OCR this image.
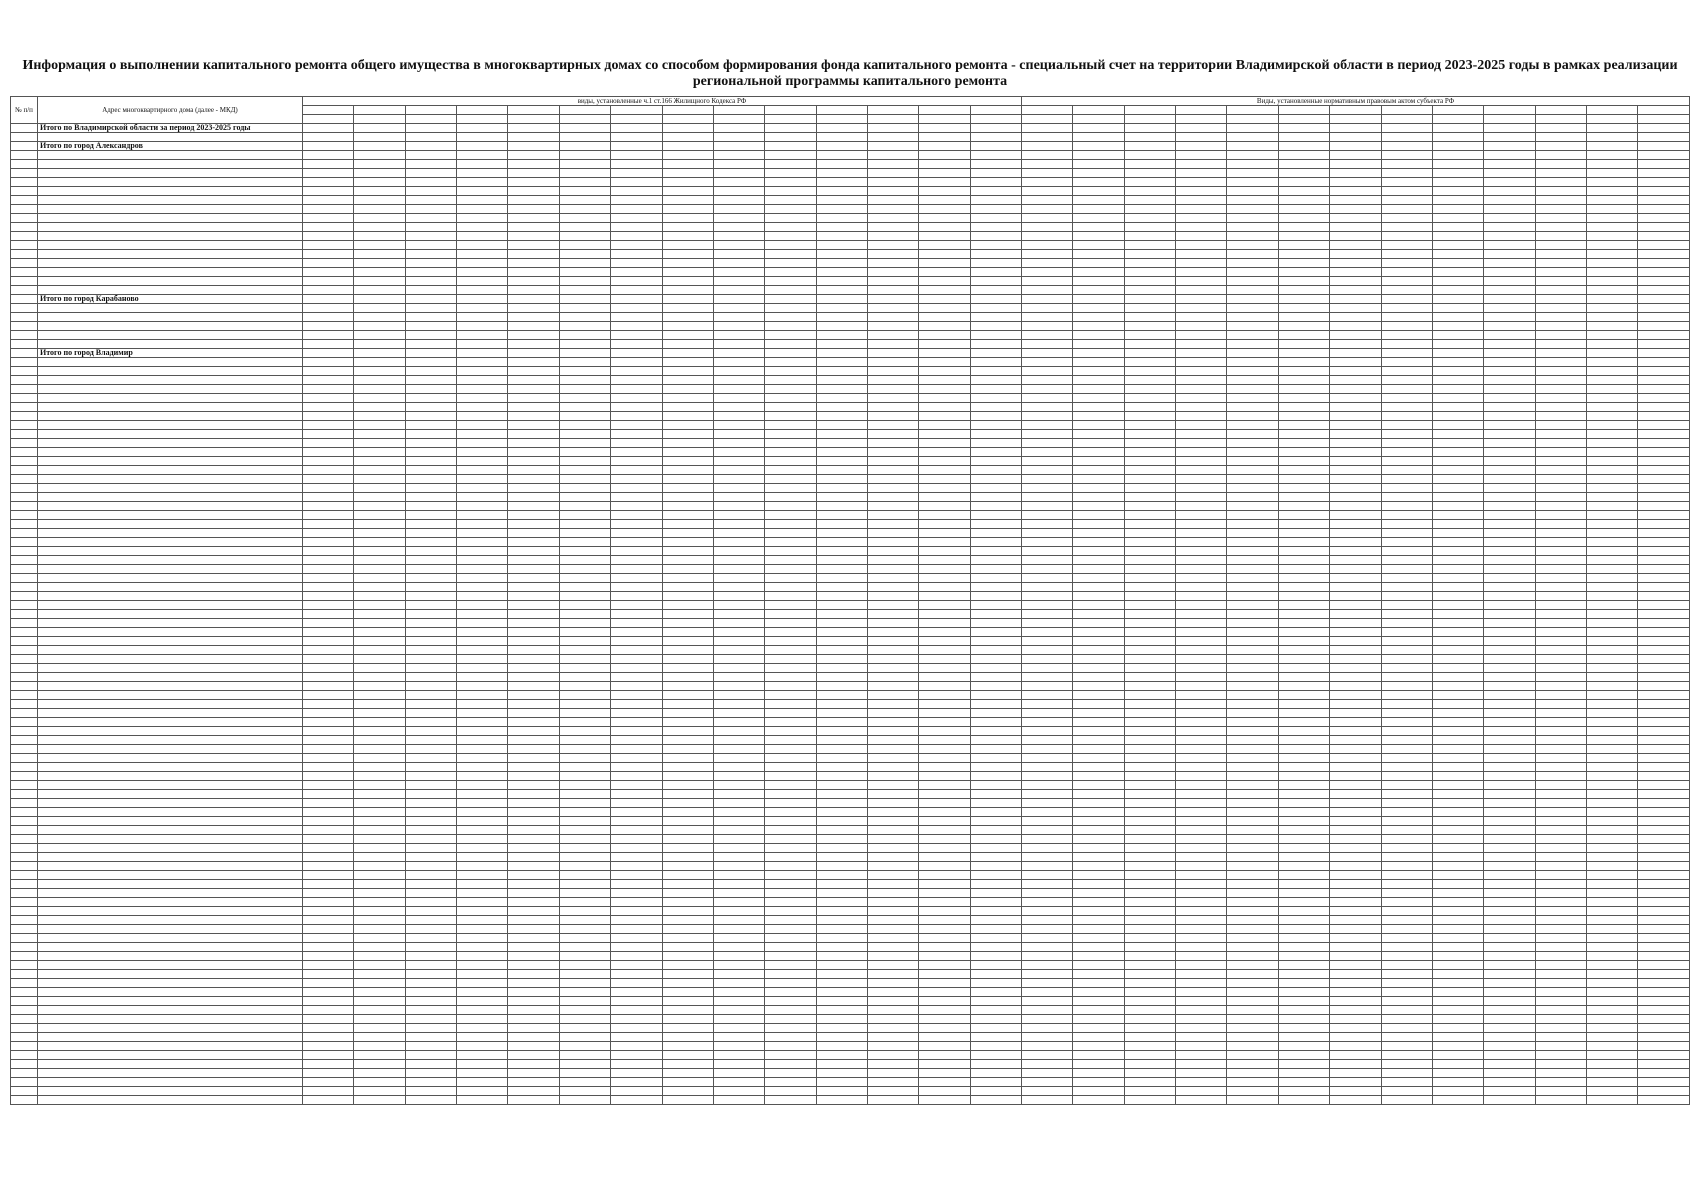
Информация о выполнении капитального ремонта общего имущества в многоквартирных домах со способом формирования фонда капитального ремонта - специальный счет на территории Владимирской области в период 2023-2025 годы в рамках реализации региональной программы капитального ремонта
№ п/п	Адрес многоквартирного дома (далее - МКД)	виды, установленные ч.1 ст.166 Жилищного Кодекса РФ														Виды, установленные нормативным правовым актом субъекта РФ												

	Итого по Владимирской области за период 2023-2025 годы																											

	Итого по город Александров																											

	Итого по город Карабаново																											

	Итого по город Владимир																											
